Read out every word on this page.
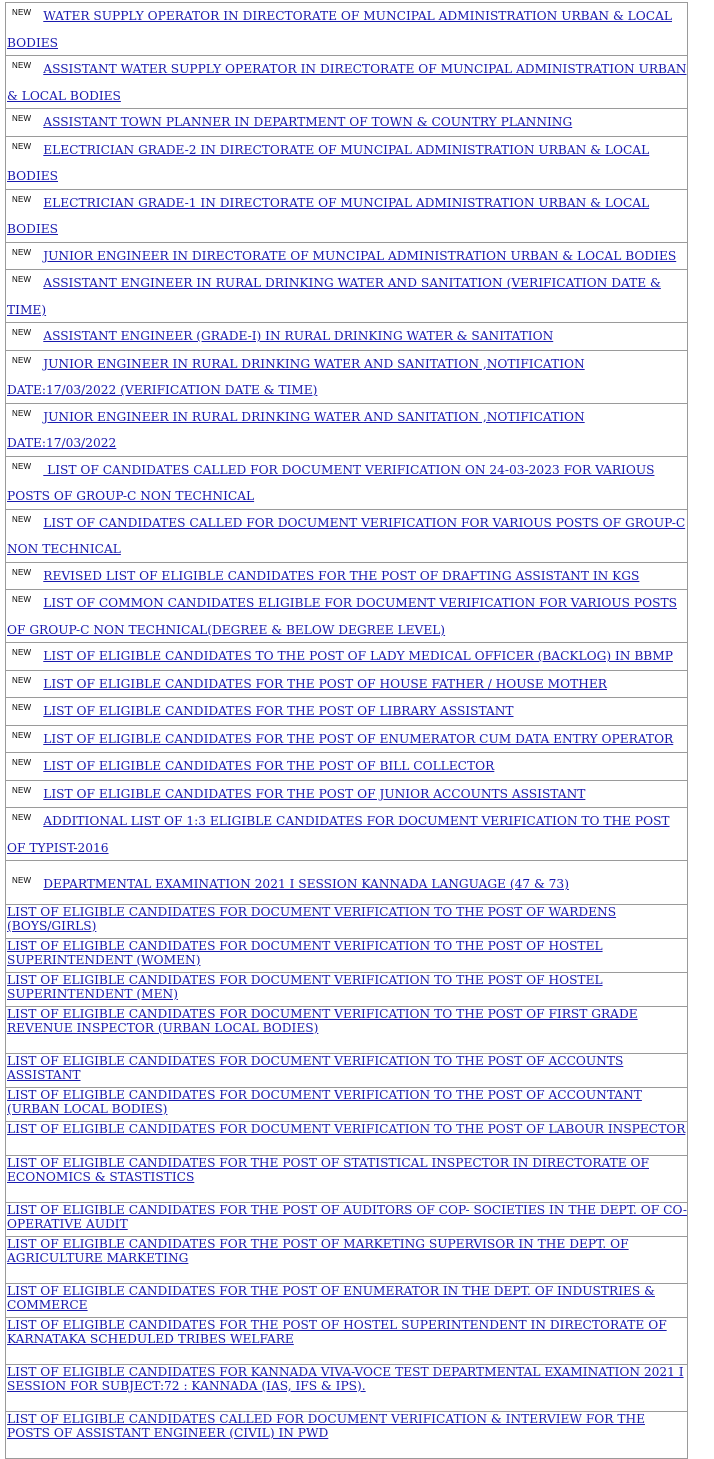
$^{NEW}$ WATER SUPPLY OPERATOR IN DIRECTORATE OF MUNCIPAL ADMINISTRATION URBAN & LOCAL BODIES

$^{NEW}$ ASSISTANT WATER SUPPLY OPERATOR IN DIRECTORATE OF MUNCIPAL ADMINISTRATION URBAN & LOCAL BODIES

$^{NEW}$ ASSISTANT TOWN PLANNER IN DEPARTMENT OF TOWN & COUNTRY PLANNING

$^{NEW}$ ELECTRICIAN GRADE-2 IN DIRECTORATE OF MUNCIPAL ADMINISTRATION URBAN & LOCAL BODIES

$^{NEW}$ ELECTRICIAN GRADE-1 IN DIRECTORATE OF MUNCIPAL ADMINISTRATION URBAN & LOCAL BODIES

$^{NEW}$ JUNIOR ENGINEER IN DIRECTORATE OF MUNCIPAL ADMINISTRATION URBAN & LOCAL BODIES

$^{NEW}$ ASSISTANT ENGINEER IN RURAL DRINKING WATER AND SANITATION (VERIFICATION DATE & TIME)

$^{NEW}$ ASSISTANT ENGINEER (GRADE-I) IN RURAL DRINKING WATER & SANITATION

$^{NEW}$ JUNIOR ENGINEER IN RURAL DRINKING WATER AND SANITATION ,NOTIFICATION DATE:17/03/2022 (VERIFICATION DATE & TIME)

$^{NEW}$ JUNIOR ENGINEER IN RURAL DRINKING WATER AND SANITATION ,NOTIFICATION DATE:17/03/2022

$^{NEW}$ LIST OF CANDIDATES CALLED FOR DOCUMENT VERIFICATION ON 24-03-2023 FOR VARIOUS POSTS OF GROUP-C NON TECHNICAL

$^{NEW}$ LIST OF CANDIDATES CALLED FOR DOCUMENT VERIFICATION FOR VARIOUS POSTS OF GROUP-C NON TECHNICAL

$^{NEW}$ REVISED LIST OF ELIGIBLE CANDIDATES FOR THE POST OF DRAFTING ASSISTANT IN KGS

$^{NEW}$ LIST OF COMMON CANDIDATES ELIGIBLE FOR DOCUMENT VERIFICATION FOR VARIOUS POSTS OF GROUP-C NON TECHNICAL(DEGREE & BELOW DEGREE LEVEL)

$^{NEW}$ LIST OF ELIGIBLE CANDIDATES TO THE POST OF LADY MEDICAL OFFICER (BACKLOG) IN BBMP

$^{NEW}$ LIST OF ELIGIBLE CANDIDATES FOR THE POST OF HOUSE FATHER / HOUSE MOTHER

$^{NEW}$ LIST OF ELIGIBLE CANDIDATES FOR THE POST OF LIBRARY ASSISTANT

$^{NEW}$ LIST OF ELIGIBLE CANDIDATES FOR THE POST OF ENUMERATOR CUM DATA ENTRY OPERATOR

$^{NEW}$ LIST OF ELIGIBLE CANDIDATES FOR THE POST OF BILL COLLECTOR

$^{NEW}$ LIST OF ELIGIBLE CANDIDATES FOR THE POST OF JUNIOR ACCOUNTS ASSISTANT

$^{NEW}$ ADDITIONAL LIST OF 1:3 ELIGIBLE CANDIDATES FOR DOCUMENT VERIFICATION TO THE POST OF TYPIST-2016

$^{NEW}$ DEPARTMENTAL EXAMINATION 2021 I SESSION KANNADA LANGUAGE (47 & 73)

LIST OF ELIGIBLE CANDIDATES FOR DOCUMENT VERIFICATION TO THE POST OF WARDENS (BOYS/GIRLS)

LIST OF ELIGIBLE CANDIDATES FOR DOCUMENT VERIFICATION TO THE POST OF HOSTEL SUPERINTENDENT (WOMEN)

LIST OF ELIGIBLE CANDIDATES FOR DOCUMENT VERIFICATION TO THE POST OF HOSTEL SUPERINTENDENT (MEN)

LIST OF ELIGIBLE CANDIDATES FOR DOCUMENT VERIFICATION TO THE POST OF FIRST GRADE REVENUE INSPECTOR (URBAN LOCAL BODIES)

LIST OF ELIGIBLE CANDIDATES FOR DOCUMENT VERIFICATION TO THE POST OF ACCOUNTS ASSISTANT

LIST OF ELIGIBLE CANDIDATES FOR DOCUMENT VERIFICATION TO THE POST OF ACCOUNTANT (URBAN LOCAL BODIES)

LIST OF ELIGIBLE CANDIDATES FOR DOCUMENT VERIFICATION TO THE POST OF LABOUR INSPECTOR

LIST OF ELIGIBLE CANDIDATES FOR THE POST OF STATISTICAL INSPECTOR IN DIRECTORATE OF ECONOMICS & STASTISTICS

LIST OF ELIGIBLE CANDIDATES FOR THE POST OF AUDITORS OF COP- SOCIETIES IN THE DEPT. OF CO-OPERATIVE AUDIT

LIST OF ELIGIBLE CANDIDATES FOR THE POST OF MARKETING SUPERVISOR IN THE DEPT. OF AGRICULTURE MARKETING

LIST OF ELIGIBLE CANDIDATES FOR THE POST OF ENUMERATOR IN THE DEPT. OF INDUSTRIES & COMMERCE

LIST OF ELIGIBLE CANDIDATES FOR THE POST OF HOSTEL SUPERINTENDENT IN DIRECTORATE OF KARNATAKA SCHEDULED TRIBES WELFARE

LIST OF ELIGIBLE CANDIDATES FOR KANNADA VIVA-VOCE TEST DEPARTMENTAL EXAMINATION 2021 I SESSION FOR SUBJECT:72 : KANNADA (IAS, IFS & IPS).

LIST OF ELIGIBLE CANDIDATES CALLED FOR DOCUMENT VERIFICATION & INTERVIEW FOR THE POSTS OF ASSISTANT ENGINEER (CIVIL) IN PWD
